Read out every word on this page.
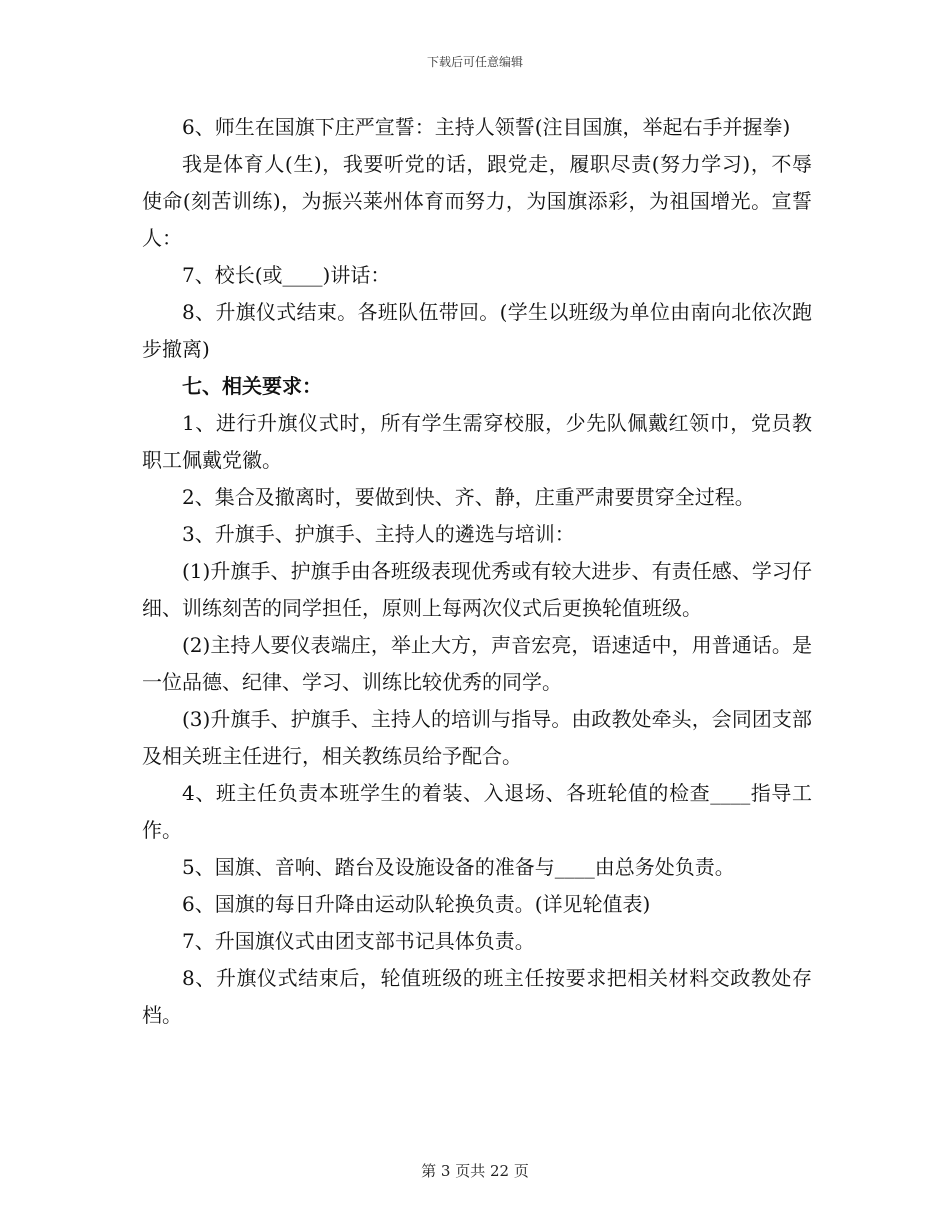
下载后可任意编辑

6、师生在国旗下庄严宣誓：主持人领誓(注目国旗，举起右手并握拳)

我是体育人(生)，我要听党的话，跟党走，履职尽责(努力学习)，不辱使命(刻苦训练)，为振兴莱州体育而努力，为国旗添彩，为祖国增光。宣誓人：

7、校长(或____)讲话：

8、升旗仪式结束。各班队伍带回。(学生以班级为单位由南向北依次跑步撤离)

七、相关要求：

1、进行升旗仪式时，所有学生需穿校服，少先队佩戴红领巾，党员教职工佩戴党徽。

2、集合及撤离时，要做到快、齐、静，庄重严肃要贯穿全过程。

3、升旗手、护旗手、主持人的遴选与培训：

(1)升旗手、护旗手由各班级表现优秀或有较大进步、有责任感、学习仔细、训练刻苦的同学担任，原则上每两次仪式后更换轮值班级。

(2)主持人要仪表端庄，举止大方，声音宏亮，语速适中，用普通话。是一位品德、纪律、学习、训练比较优秀的同学。

(3)升旗手、护旗手、主持人的培训与指导。由政教处牵头，会同团支部及相关班主任进行，相关教练员给予配合。

4、班主任负责本班学生的着装、入退场、各班轮值的检查____指导工作。

5、国旗、音响、踏台及设施设备的准备与____由总务处负责。

6、国旗的每日升降由运动队轮换负责。(详见轮值表)

7、升国旗仪式由团支部书记具体负责。

8、升旗仪式结束后，轮值班级的班主任按要求把相关材料交政教处存档。

第 3 页共 22 页
